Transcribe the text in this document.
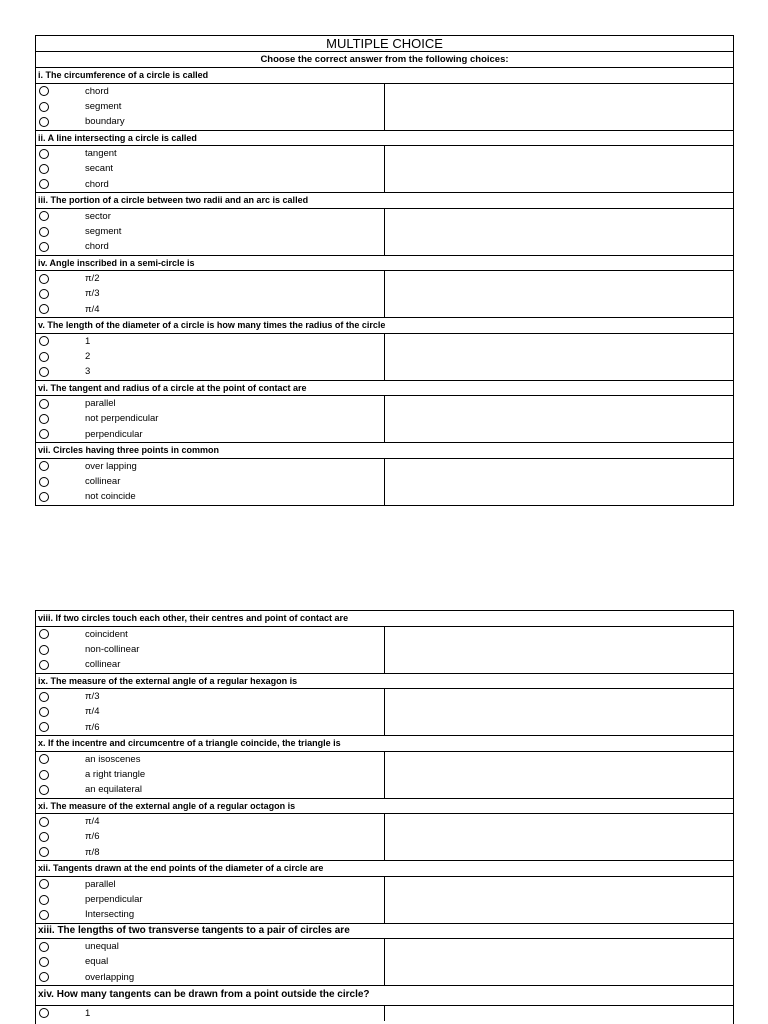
MULTIPLE CHOICE
Choose the correct answer from the following choices:
i. The circumference of a circle is called
chord
segment
boundary
ii. A line intersecting a circle is called
tangent
secant
chord
iii. The portion of a circle between two radii and an arc is called
sector
segment
chord
iv. Angle inscribed in a semi-circle is
π/2
π/3
π/4
v. The length of the diameter of a circle is how many times the radius of the circle
1
2
3
vi. The tangent and radius of a circle at the point of contact are
parallel
not perpendicular
perpendicular
vii. Circles having three points in common
over lapping
collinear
not coincide
viii. If two circles touch each other, their centres and point of contact are
coincident
non-collinear
collinear
ix. The measure of the external angle of a regular hexagon is
π/3
π/4
π/6
x. If the incentre and circumcentre of a triangle coincide, the triangle is
an isoscenes
a right triangle
an equilateral
xi. The measure of the external angle of a regular octagon is
π/4
π/6
π/8
xii. Tangents drawn at the end points of the diameter of a circle are
parallel
perpendicular
Intersecting
xiii. The lengths of two transverse tangents to a pair of circles are
unequal
equal
overlapping
xiv. How many tangents can be drawn from a point outside the circle?
1
